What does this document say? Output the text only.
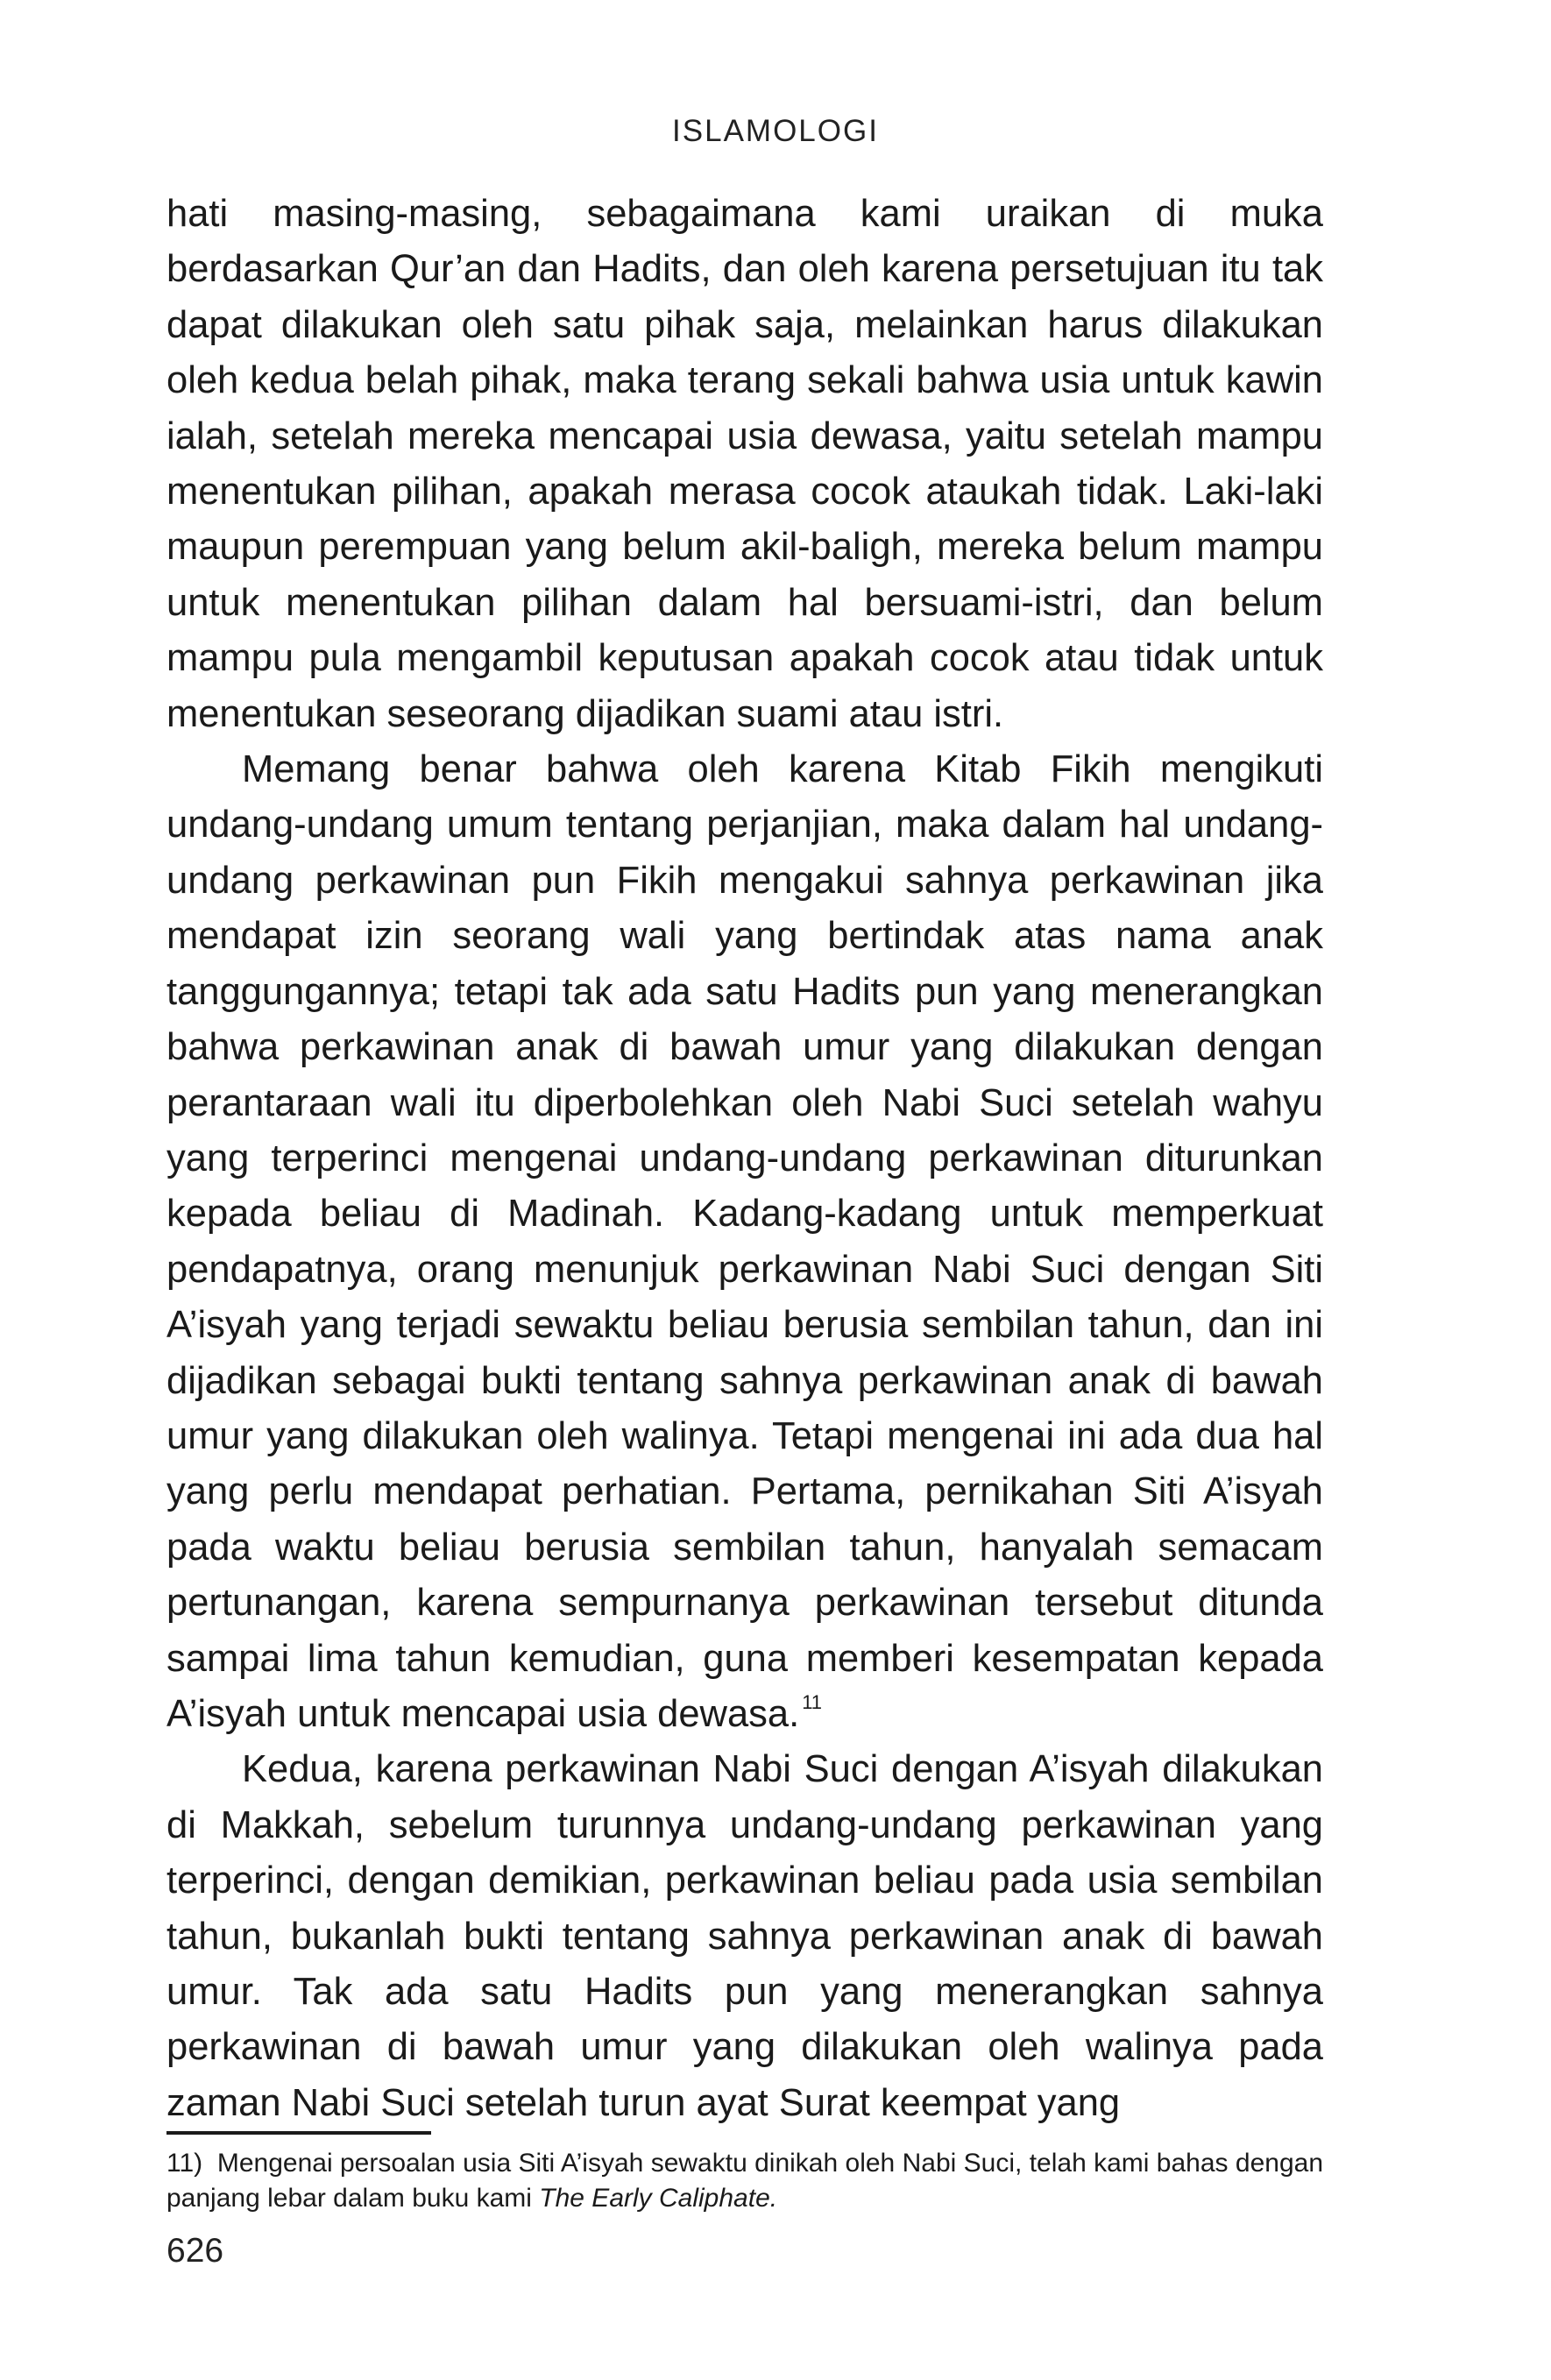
ISLAMOLOGI

hati masing-masing, sebagaimana kami uraikan di muka berdasarkan Qur’an dan Hadits, dan oleh karena persetujuan itu tak dapat dilakukan oleh satu pihak saja, melainkan harus dilakukan oleh kedua belah pihak, maka terang sekali bahwa usia untuk kawin ialah, setelah mereka mencapai usia dewasa, yaitu setelah mampu menentukan pilihan, apakah merasa cocok ataukah tidak. Laki-laki maupun perempuan yang belum akil-baligh, mereka belum mampu untuk menentukan pilihan dalam hal bersuami-istri, dan belum mampu pula mengambil keputusan apakah cocok atau tidak untuk menentukan seseorang dijadikan suami atau istri.

Memang benar bahwa oleh karena Kitab Fikih mengikuti undang-undang umum tentang perjanjian, maka dalam hal undang-undang perkawinan pun Fikih mengakui sahnya perkawinan jika mendapat izin seorang wali yang bertindak atas nama anak tanggungannya; tetapi tak ada satu Hadits pun yang menerangkan bahwa perkawinan anak di bawah umur yang dilakukan dengan perantaraan wali itu diperbolehkan oleh Nabi Suci setelah wahyu yang terperinci mengenai undang-undang perkawinan diturunkan kepada beliau di Madinah. Kadang-kadang untuk memperkuat pendapatnya, orang menunjuk perkawinan Nabi Suci dengan Siti A’isyah yang terjadi sewaktu beliau berusia sembilan tahun, dan ini dijadikan sebagai bukti tentang sahnya perkawinan anak di bawah umur yang dilakukan oleh walinya. Tetapi mengenai ini ada dua hal yang perlu mendapat perhatian. Pertama, pernikahan Siti A’isyah pada waktu beliau berusia sembilan tahun, hanyalah semacam pertunangan, karena sempurnanya perkawinan tersebut ditunda sampai lima tahun kemudian, guna memberi kesempatan kepada A’isyah untuk mencapai usia dewasa. $^{11}$

Kedua, karena perkawinan Nabi Suci dengan A’isyah dilakukan di Makkah, sebelum turunnya undang-undang perkawinan yang terperinci, dengan demikian, perkawinan beliau pada usia sembilan tahun, bukanlah bukti tentang sahnya perkawinan anak di bawah umur. Tak ada satu Hadits pun yang menerangkan sahnya perkawinan di bawah umur yang dilakukan oleh walinya pada zaman Nabi Suci setelah turun ayat Surat keempat yang

11) Mengenai persoalan usia Siti A’isyah sewaktu dinikah oleh Nabi Suci, telah kami bahas dengan panjang lebar dalam buku kami The Early Caliphate.

626
